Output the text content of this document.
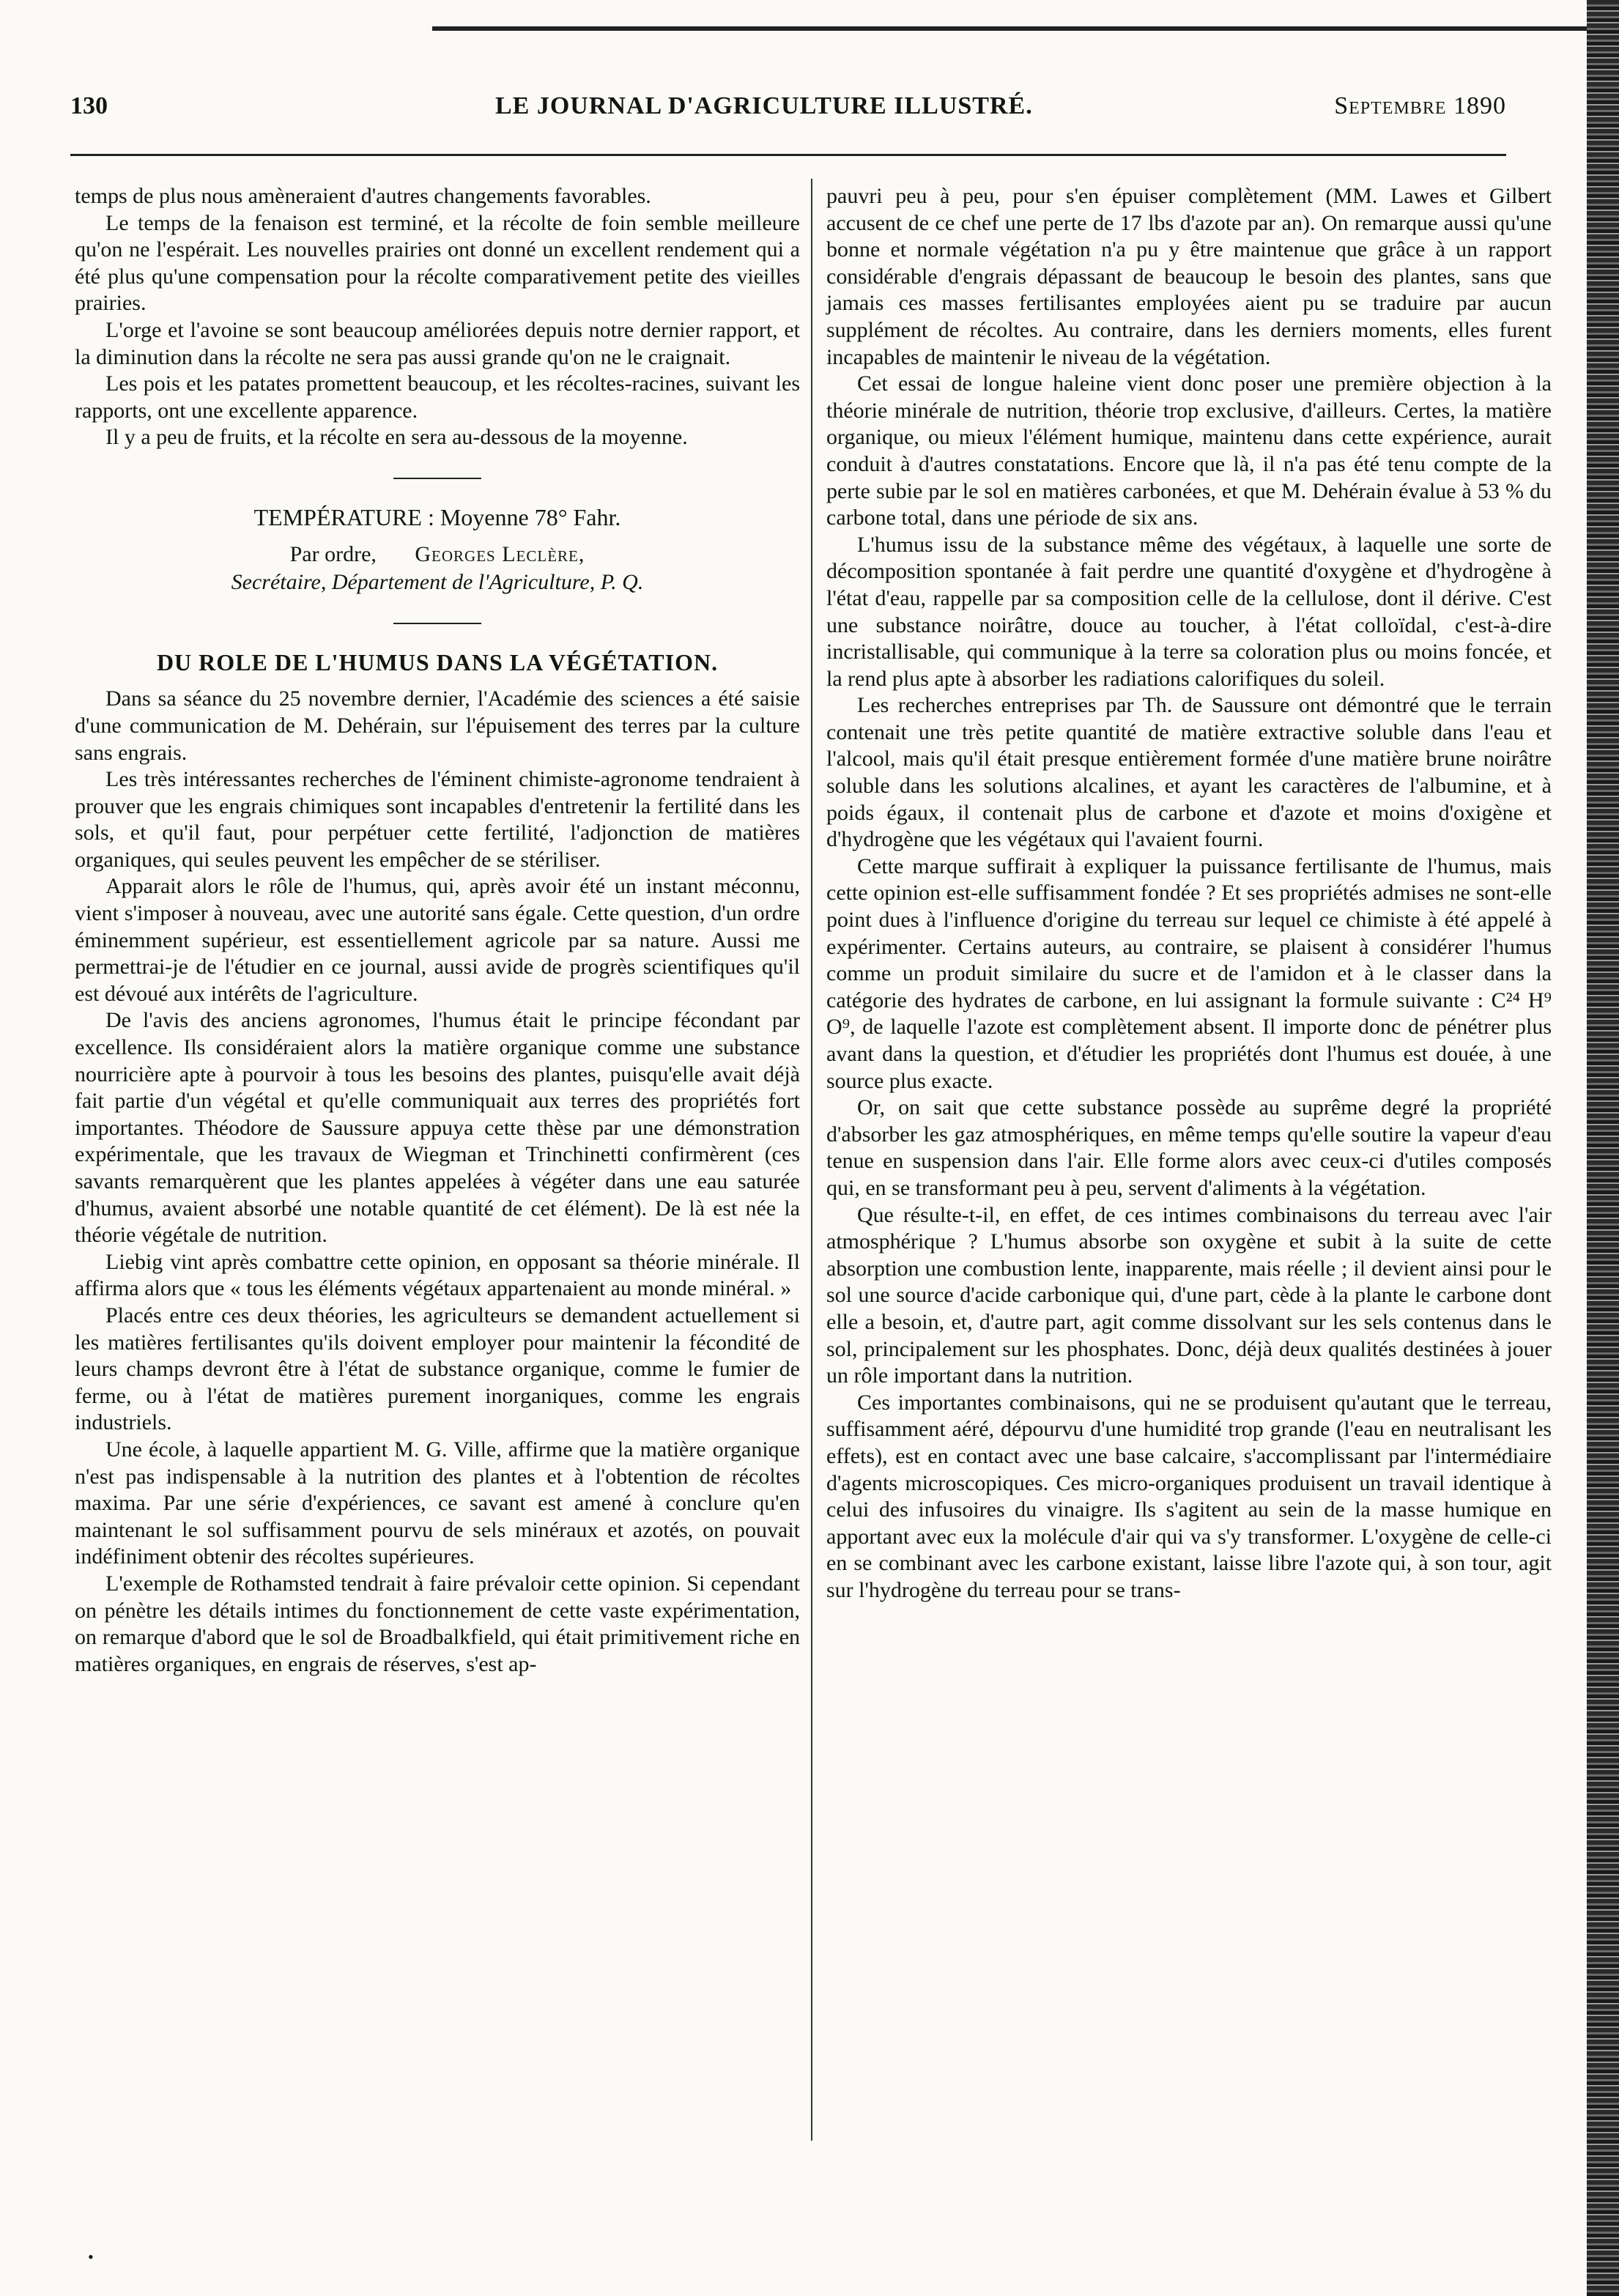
130	LE JOURNAL D'AGRICULTURE ILLUSTRÉ.	Septembre 1890

temps de plus nous amèneraient d'autres changements favorables.

Le temps de la fenaison est terminé, et la récolte de foin semble meilleure qu'on ne l'espérait. Les nouvelles prairies ont donné un excellent rendement qui a été plus qu'une compensation pour la récolte comparativement petite des vieilles prairies.

L'orge et l'avoine se sont beaucoup améliorées depuis notre dernier rapport, et la diminution dans la récolte ne sera pas aussi grande qu'on ne le craignait.

Les pois et les patates promettent beaucoup, et les récoltes-racines, suivant les rapports, ont une excellente apparence.

Il y a peu de fruits, et la récolte en sera au-dessous de la moyenne.

TEMPÉRATURE : Moyenne 78° Fahr.

Par ordre, Georges Leclère,
Secrétaire, Département de l'Agriculture, P. Q.
DU ROLE DE L'HUMUS DANS LA VÉGÉTATION.

Dans sa séance du 25 novembre dernier, l'Académie des sciences a été saisie d'une communication de M. Dehérain, sur l'épuisement des terres par la culture sans engrais.

Les très intéressantes recherches de l'éminent chimiste-agronome tendraient à prouver que les engrais chimiques sont incapables d'entretenir la fertilité dans les sols, et qu'il faut, pour perpétuer cette fertilité, l'adjonction de matières organiques, qui seules peuvent les empêcher de se stériliser.

Apparait alors le rôle de l'humus, qui, après avoir été un instant méconnu, vient s'imposer à nouveau, avec une autorité sans égale. Cette question, d'un ordre éminemment supérieur, est essentiellement agricole par sa nature. Aussi me permettrai-je de l'étudier en ce journal, aussi avide de progrès scientifiques qu'il est dévoué aux intérêts de l'agriculture.

De l'avis des anciens agronomes, l'humus était le principe fécondant par excellence. Ils considéraient alors la matière organique comme une substance nourricière apte à pourvoir à tous les besoins des plantes, puisqu'elle avait déjà fait partie d'un végétal et qu'elle communiquait aux terres des propriétés fort importantes. Théodore de Saussure appuya cette thèse par une démonstration expérimentale, que les travaux de Wiegman et Trinchinetti confirmèrent (ces savants remarquèrent que les plantes appelées à végéter dans une eau saturée d'humus, avaient absorbé une notable quantité de cet élément). De là est née la théorie végétale de nutrition.

Liebig vint après combattre cette opinion, en opposant sa théorie minérale. Il affirma alors que « tous les éléments végétaux appartenaient au monde minéral. »

Placés entre ces deux théories, les agriculteurs se demandent actuellement si les matières fertilisantes qu'ils doivent employer pour maintenir la fécondité de leurs champs devront être à l'état de substance organique, comme le fumier de ferme, ou à l'état de matières purement inorganiques, comme les engrais industriels.

Une école, à laquelle appartient M. G. Ville, affirme que la matière organique n'est pas indispensable à la nutrition des plantes et à l'obtention de récoltes maxima. Par une série d'expériences, ce savant est amené à conclure qu'en maintenant le sol suffisamment pourvu de sels minéraux et azotés, on pouvait indéfiniment obtenir des récoltes supérieures.

L'exemple de Rothamsted tendrait à faire prévaloir cette opinion. Si cependant on pénètre les détails intimes du fonctionnement de cette vaste expérimentation, on remarque d'abord que le sol de Broadbalkfield, qui était primitivement riche en matières organiques, en engrais de réserves, s'est ap-

pauvri peu à peu, pour s'en épuiser complètement (MM. Lawes et Gilbert accusent de ce chef une perte de 17 lbs d'azote par an). On remarque aussi qu'une bonne et normale végétation n'a pu y être maintenue que grâce à un rapport considérable d'engrais dépassant de beaucoup le besoin des plantes, sans que jamais ces masses fertilisantes employées aient pu se traduire par aucun supplément de récoltes. Au contraire, dans les derniers moments, elles furent incapables de maintenir le niveau de la végétation.

Cet essai de longue haleine vient donc poser une première objection à la théorie minérale de nutrition, théorie trop exclusive, d'ailleurs. Certes, la matière organique, ou mieux l'élément humique, maintenu dans cette expérience, aurait conduit à d'autres constatations. Encore que là, il n'a pas été tenu compte de la perte subie par le sol en matières carbonées, et que M. Dehérain évalue à 53 % du carbone total, dans une période de six ans.

L'humus issu de la substance même des végétaux, à laquelle une sorte de décomposition spontanée à fait perdre une quantité d'oxygène et d'hydrogène à l'état d'eau, rappelle par sa composition celle de la cellulose, dont il dérive. C'est une substance noirâtre, douce au toucher, à l'état colloïdal, c'est-à-dire incristallisable, qui communique à la terre sa coloration plus ou moins foncée, et la rend plus apte à absorber les radiations calorifiques du soleil.

Les recherches entreprises par Th. de Saussure ont démontré que le terrain contenait une très petite quantité de matière extractive soluble dans l'eau et l'alcool, mais qu'il était presque entièrement formée d'une matière brune noirâtre soluble dans les solutions alcalines, et ayant les caractères de l'albumine, et à poids égaux, il contenait plus de carbone et d'azote et moins d'oxigène et d'hydrogène que les végétaux qui l'avaient fourni.

Cette marque suffirait à expliquer la puissance fertilisante de l'humus, mais cette opinion est-elle suffisamment fondée ? Et ses propriétés admises ne sont-elle point dues à l'influence d'origine du terreau sur lequel ce chimiste à été appelé à expérimenter. Certains auteurs, au contraire, se plaisent à considérer l'humus comme un produit similaire du sucre et de l'amidon et à le classer dans la catégorie des hydrates de carbone, en lui assignant la formule suivante : C²⁴ H⁹ O⁹, de laquelle l'azote est complètement absent. Il importe donc de pénétrer plus avant dans la question, et d'étudier les propriétés dont l'humus est douée, à une source plus exacte.

Or, on sait que cette substance possède au suprême degré la propriété d'absorber les gaz atmosphériques, en même temps qu'elle soutire la vapeur d'eau tenue en suspension dans l'air. Elle forme alors avec ceux-ci d'utiles composés qui, en se transformant peu à peu, servent d'aliments à la végétation.

Que résulte-t-il, en effet, de ces intimes combinaisons du terreau avec l'air atmosphérique ? L'humus absorbe son oxygène et subit à la suite de cette absorption une combustion lente, inapparente, mais réelle ; il devient ainsi pour le sol une source d'acide carbonique qui, d'une part, cède à la plante le carbone dont elle a besoin, et, d'autre part, agit comme dissolvant sur les sels contenus dans le sol, principalement sur les phosphates. Donc, déjà deux qualités destinées à jouer un rôle important dans la nutrition.

Ces importantes combinaisons, qui ne se produisent qu'autant que le terreau, suffisamment aéré, dépourvu d'une humidité trop grande (l'eau en neutralisant les effets), est en contact avec une base calcaire, s'accomplissant par l'intermédiaire d'agents microscopiques. Ces micro-organiques produisent un travail identique à celui des infusoires du vinaigre. Ils s'agitent au sein de la masse humique en apportant avec eux la molécule d'air qui va s'y transformer. L'oxygène de celle-ci en se combinant avec les carbone existant, laisse libre l'azote qui, à son tour, agit sur l'hydrogène du terreau pour se trans-

•
